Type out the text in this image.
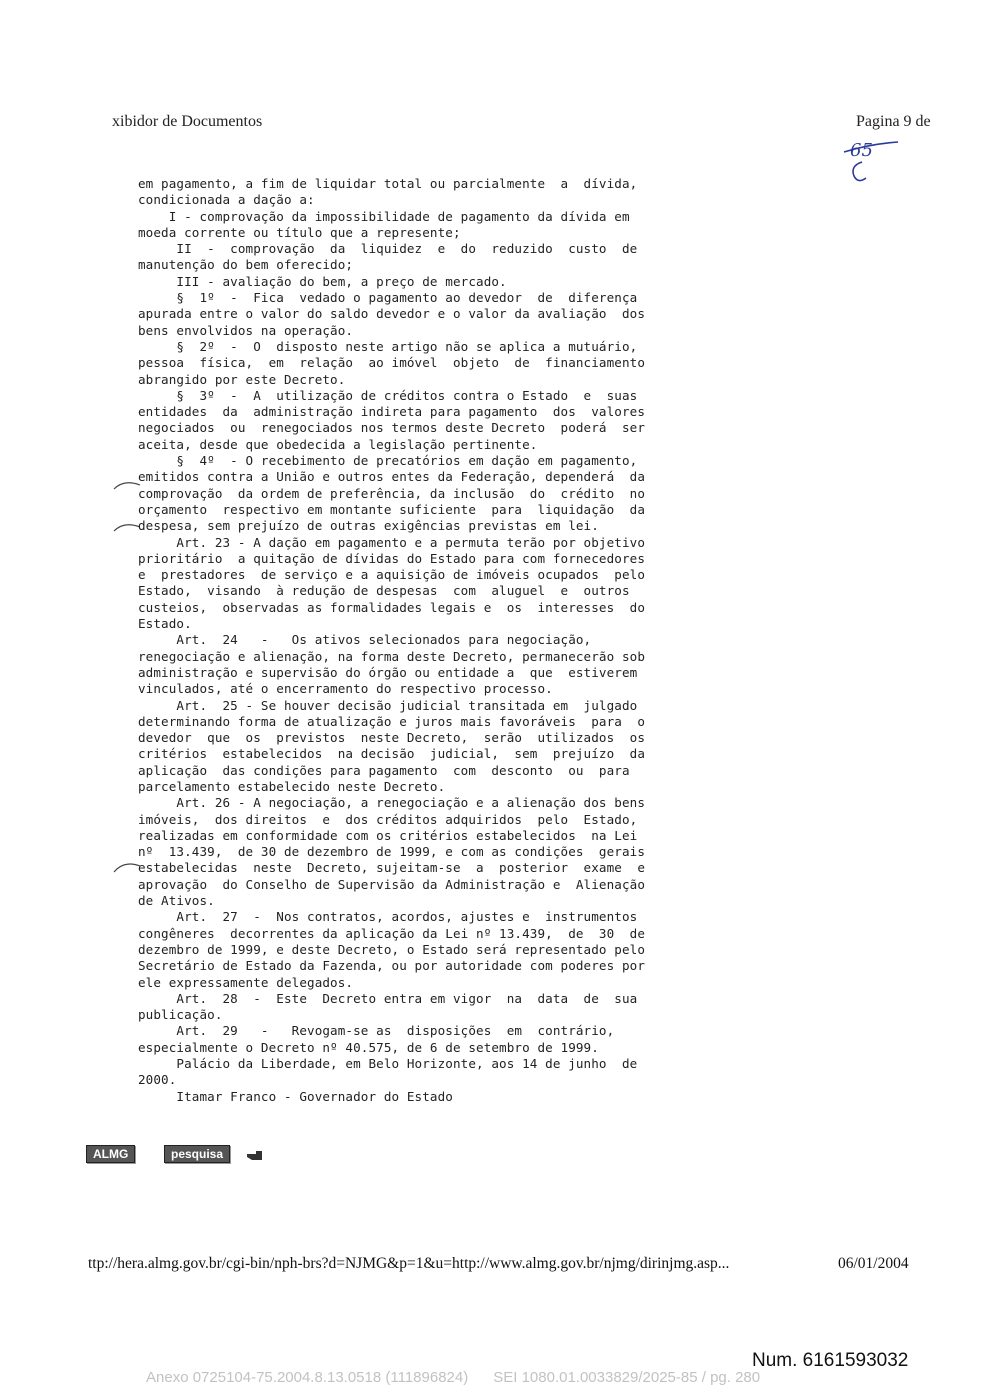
xibidor de Documentos	Pagina 9 de
65
em pagamento, a fim de liquidar total ou parcialmente  a  dívida,
condicionada a dação a:
I - comprovação da impossibilidade de pagamento da dívida em
moeda corrente ou título que a represente;
II  -  comprovação  da  liquidez  e  do  reduzido  custo  de
manutenção do bem oferecido;
III - avaliação do bem, a preço de mercado.
§  1º  -  Fica  vedado o pagamento ao devedor  de  diferença
apurada entre o valor do saldo devedor e o valor da avaliação  dos
bens envolvidos na operação.
§  2º  -  O  disposto neste artigo não se aplica a mutuário,
pessoa  física,  em  relação  ao imóvel  objeto  de  financiamento
abrangido por este Decreto.
§  3º  -  A  utilização de créditos contra o Estado  e  suas
entidades  da  administração indireta para pagamento  dos  valores
negociados  ou  renegociados nos termos deste Decreto  poderá  ser
aceita, desde que obedecida a legislação pertinente.
§  4º  - O recebimento de precatórios em dação em pagamento,
emitidos contra a União e outros entes da Federação, dependerá  da
comprovação  da ordem de preferência, da inclusão  do  crédito  no
orçamento  respectivo em montante suficiente  para  liquidação  da
despesa, sem prejuízo de outras exigências previstas em lei.
Art. 23 - A dação em pagamento e a permuta terão por objetivo
prioritário  a quitação de dívidas do Estado para com fornecedores
e  prestadores  de serviço e a aquisição de imóveis ocupados  pelo
Estado,  visando  à redução de despesas  com  aluguel  e  outros
custeios,  observadas as formalidades legais e  os  interesses  do
Estado.
Art.  24   -   Os ativos selecionados para negociação,
renegociação e alienação, na forma deste Decreto, permanecerão sob
administração e supervisão do órgão ou entidade a  que  estiverem
vinculados, até o encerramento do respectivo processo.
Art.  25 - Se houver decisão judicial transitada em  julgado
determinando forma de atualização e juros mais favoráveis  para  o
devedor  que  os  previstos  neste Decreto,  serão  utilizados  os
critérios  estabelecidos  na decisão  judicial,  sem  prejuízo  da
aplicação  das condições para pagamento  com  desconto  ou  para
parcelamento estabelecido neste Decreto.
Art. 26 - A negociação, a renegociação e a alienação dos bens
imóveis,  dos direitos  e  dos créditos adquiridos  pelo  Estado,
realizadas em conformidade com os critérios estabelecidos  na Lei
nº  13.439,  de 30 de dezembro de 1999, e com as condições  gerais
estabelecidas  neste  Decreto, sujeitam-se  a  posterior  exame  e
aprovação  do Conselho de Supervisão da Administração e  Alienação
de Ativos.
Art.  27  -  Nos contratos, acordos, ajustes e  instrumentos
congêneres  decorrentes da aplicação da Lei nº 13.439,  de  30  de
dezembro de 1999, e deste Decreto, o Estado será representado pelo
Secretário de Estado da Fazenda, ou por autoridade com poderes por
ele expressamente delegados.
Art.  28  -  Este  Decreto entra em vigor  na  data  de  sua
publicação.
Art.  29   -   Revogam-se as  disposições  em  contrário,
especialmente o Decreto nº 40.575, de 6 de setembro de 1999.
Palácio da Liberdade, em Belo Horizonte, aos 14 de junho  de
2000.
Itamar Franco - Governador do Estado
ALMG	pesquisa
ttp://hera.almg.gov.br/cgi-bin/nph-brs?d=NJMG&p=1&u=http://www.almg.gov.br/njmg/dirinjmg.asp...	06/01/2004
Num. 6161593032
Anexo 0725104-75.2004.8.13.0518 (111896824)      SEI 1080.01.0033829/2025-85 / pg. 280
